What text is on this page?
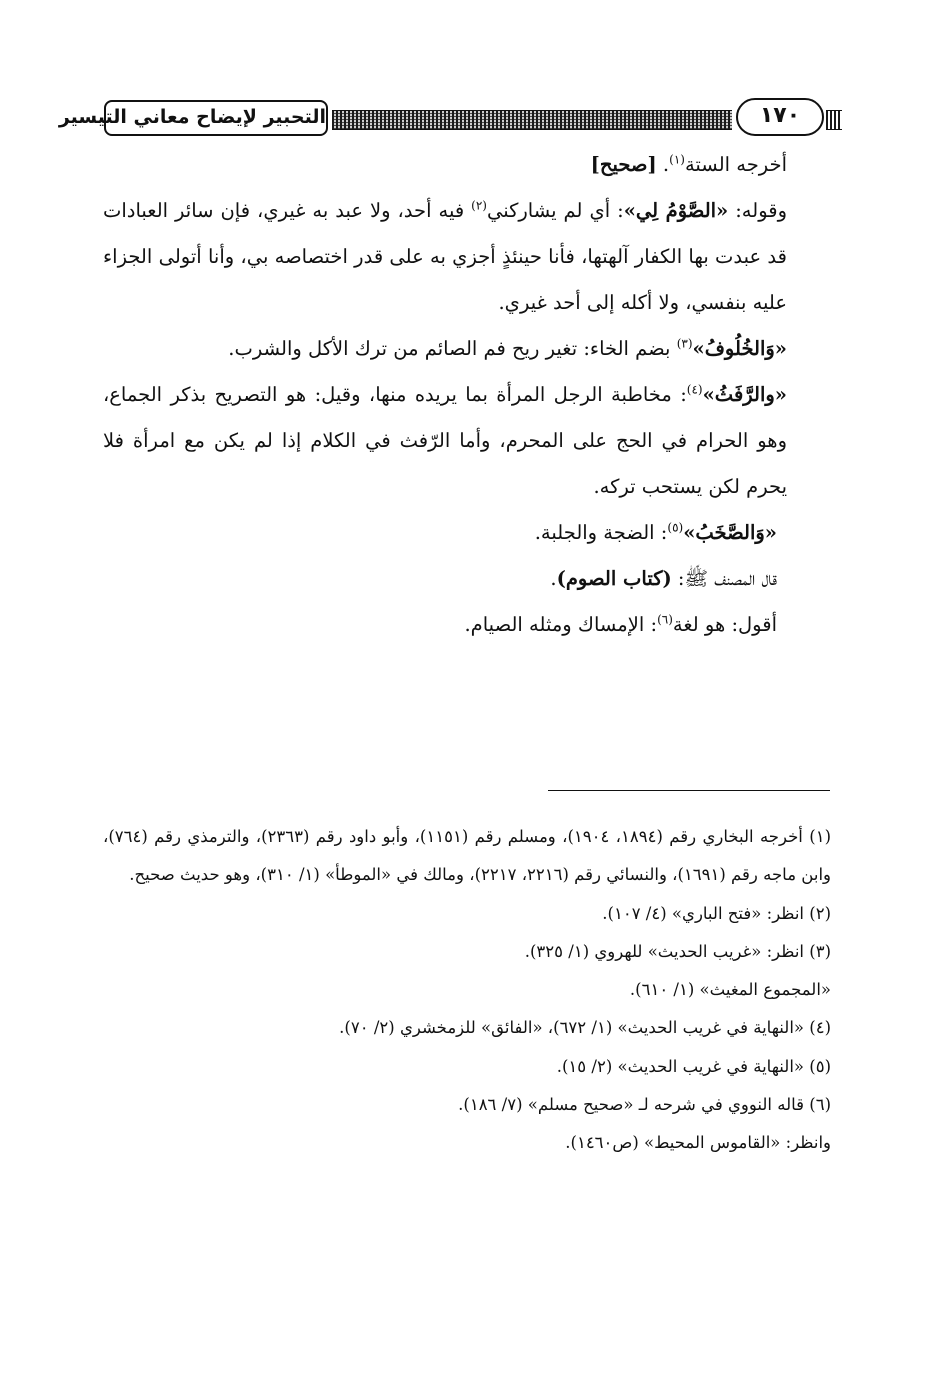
التحبير لإيضاح معاني التيسير	١٧٠

أخرجه الستة$^{(١)}$. [صحيح]

وقوله: «الصَّوْمُ لِي»: أي لم يشاركني$^{(٢)}$ فيه أحد، ولا عبد به غيري، فإن سائر العبادات قد عبدت بها الكفار آلهتها، فأنا حينئذٍ أجزي به على قدر اختصاصه بي، وأنا أتولى الجزاء عليه بنفسي، ولا أكله إلى أحد غيري.

«وَالخُلُوفُ»$^{(٣)}$ بضم الخاء: تغير ريح فم الصائم من ترك الأكل والشرب.

«والرَّفَثُ»$^{(٤)}$: مخاطبة الرجل المرأة بما يريده منها، وقيل: هو التصريح بذكر الجماع، وهو الحرام في الحج على المحرم، وأما الرّفث في الكلام إذا لم يكن مع امرأة فلا يحرم لكن يستحب تركه.

«وَالصَّخَبُ»$^{(٥)}$: الضجة والجلبة.

قال المصنف ﷺ: (كتاب الصوم).

أقول: هو لغة$^{(٦)}$: الإمساك ومثله الصيام.

(١) أخرجه البخاري رقم (١٨٩٤، ١٩٠٤)، ومسلم رقم (١١٥١)، وأبو داود رقم (٢٣٦٣)، والترمذي رقم (٧٦٤)، وابن ماجه رقم (١٦٩١)، والنسائي رقم (٢٢١٦، ٢٢١٧)، ومالك في «الموطأ» (١/ ٣١٠)، وهو حديث صحيح.

(٢) انظر: «فتح الباري» (٤/ ١٠٧).

(٣) انظر: «غريب الحديث» للهروي (١/ ٣٢٥).

«المجموع المغيث» (١/ ٦١٠).

(٤) «النهاية في غريب الحديث» (١/ ٦٧٢)، «الفائق» للزمخشري (٢/ ٧٠).

(٥) «النهاية في غريب الحديث» (٢/ ١٥).

(٦) قاله النووي في شرحه لـ «صحيح مسلم» (٧/ ١٨٦).

وانظر: «القاموس المحيط» (ص١٤٦٠).
